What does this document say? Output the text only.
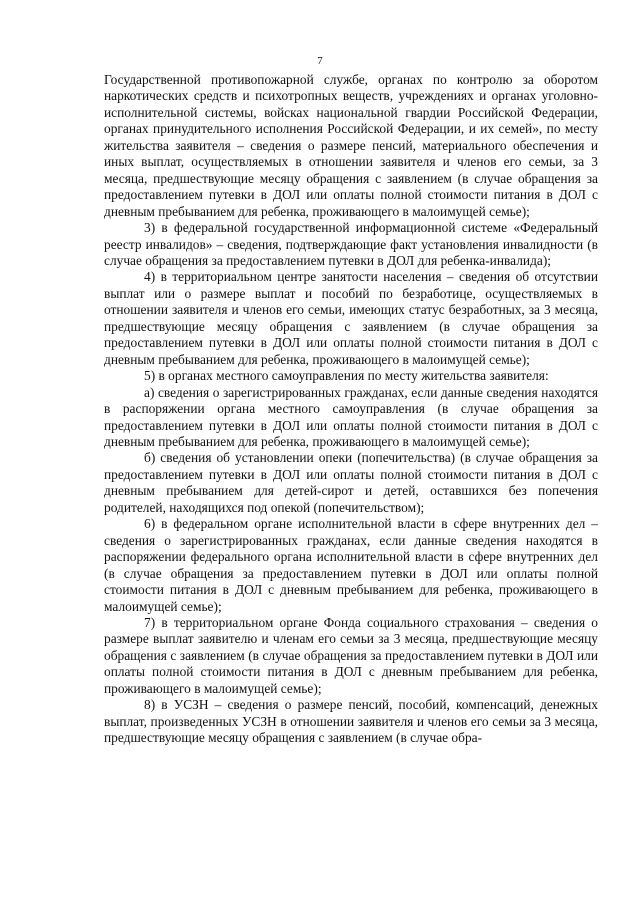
7

Государственной противопожарной службе, органах по контролю за оборотом наркотических средств и психотропных веществ, учреждениях и органах уголовно-исполнительной системы, войсках национальной гвардии Российской Федерации, органах принудительного исполнения Российской Федерации, и их семей», по месту жительства заявителя – сведения о размере пенсий, материального обеспечения и иных выплат, осуществляемых в отношении заявителя и членов его семьи, за 3 месяца, предшествующие месяцу обращения с заявлением (в случае обращения за предоставлением путевки в ДОЛ или оплаты полной стоимости питания в ДОЛ с дневным пребыванием для ребенка, проживающего в малоимущей семье);

3) в федеральной государственной информационной системе «Федеральный реестр инвалидов» – сведения, подтверждающие факт установления инвалидности (в случае обращения за предоставлением путевки в ДОЛ для ребенка-инвалида);

4) в территориальном центре занятости населения – сведения об отсутствии выплат или о размере выплат и пособий по безработице, осуществляемых в отношении заявителя и членов его семьи, имеющих статус безработных, за 3 месяца, предшествующие месяцу обращения с заявлением (в случае обращения за предоставлением путевки в ДОЛ или оплаты полной стоимости питания в ДОЛ с дневным пребыванием для ребенка, проживающего в малоимущей семье);

5) в органах местного самоуправления по месту жительства заявителя:

а) сведения о зарегистрированных гражданах, если данные сведения находятся в распоряжении органа местного самоуправления (в случае обращения за предоставлением путевки в ДОЛ или оплаты полной стоимости питания в ДОЛ с дневным пребыванием для ребенка, проживающего в малоимущей семье);

б) сведения об установлении опеки (попечительства) (в случае обращения за предоставлением путевки в ДОЛ или оплаты полной стоимости питания в ДОЛ с дневным пребыванием для детей-сирот и детей, оставшихся без попечения родителей, находящихся под опекой (попечительством);

6) в федеральном органе исполнительной власти в сфере внутренних дел – сведения о зарегистрированных гражданах, если данные сведения находятся в распоряжении федерального органа исполнительной власти в сфере внутренних дел (в случае обращения за предоставлением путевки в ДОЛ или оплаты полной стоимости питания в ДОЛ с дневным пребыванием для ребенка, проживающего в малоимущей семье);

7) в территориальном органе Фонда социального страхования – сведения о размере выплат заявителю и членам его семьи за 3 месяца, предшествующие месяцу обращения с заявлением (в случае обращения за предоставлением путевки в ДОЛ или оплаты полной стоимости питания в ДОЛ с дневным пребыванием для ребенка, проживающего в малоимущей семье);

8) в УСЗН – сведения о размере пенсий, пособий, компенсаций, денежных выплат, произведенных УСЗН в отношении заявителя и членов его семьи за 3 месяца, предшествующие месяцу обращения с заявлением (в случае обра-
